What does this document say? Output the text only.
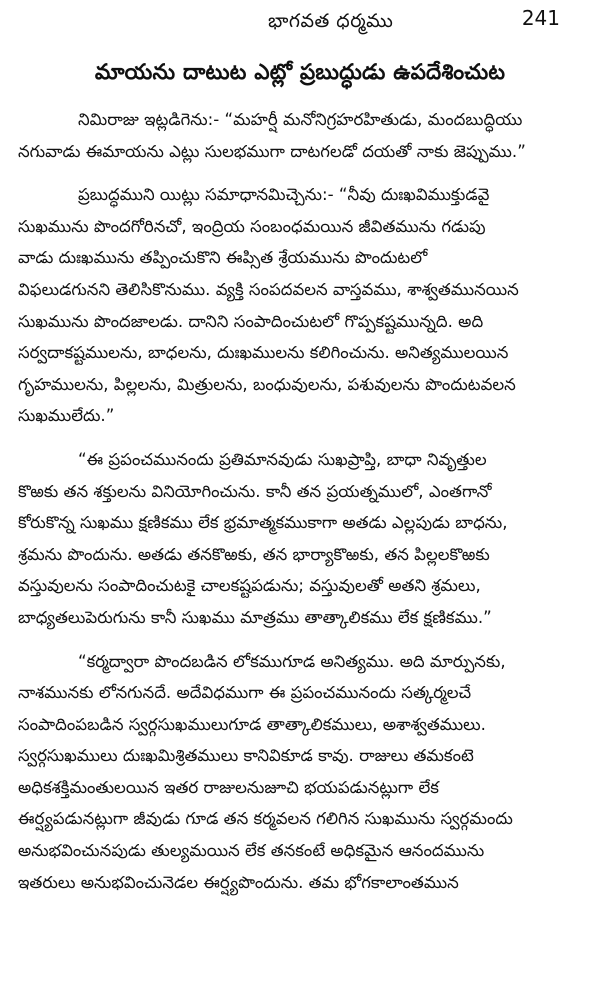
భాగవత ధర్మము	241
మాయను దాటుట ఎట్లో ప్రబుద్ధుడు ఉపదేశించుట
నిమిరాజు ఇట్లడిగెను:- “మహర్షీ మనోనిగ్రహరహితుడు, మందబుద్ధియు
నగువాడు ఈమాయను ఎట్లు సులభముగా దాటగలడో దయతో నాకు జెప్పుము.”
ప్రబుద్ధముని యిట్లు సమాధానమిచ్చెను:- “నీవు దుఃఖవిముక్తుడవై
సుఖమును పొందగోరినచో, ఇంద్రియ సంబంధమయిన జీవితమును గడుపు
వాడు దుఃఖమును తప్పించుకొని ఈప్సిత శ్రేయమును పొందుటలో
విఫలుడగునని తెలిసికొనుము. వ్యక్తి సంపదవలన వాస్తవము, శాశ్వతమునయిన
సుఖమును పొందజాలడు. దానిని సంపాదించుటలో గొప్పకష్టమున్నది. అది
సర్వదాకష్టములను, బాధలను, దుఃఖములను కలిగించును. అనిత్యములయిన
గృహములను, పిల్లలను, మిత్రులను, బంధువులను, పశువులను పొందుటవలన
సుఖములేదు.”
“ఈ ప్రపంచమునందు ప్రతిమానవుడు సుఖప్రాప్తి, బాధా నివృత్తుల
కొఱకు తన శక్తులను వినియోగించును. కానీ తన ప్రయత్నములో, ఎంతగానో
కోరుకొన్న సుఖము క్షణికము లేక భ్రమాత్మకముకాగా అతడు ఎల్లపుడు బాధను,
శ్రమను పొందును. అతడు తనకొఱకు, తన భార్యాకొఱకు, తన పిల్లలకొఱకు
వస్తువులను సంపాదించుటకై చాలకష్టపడును; వస్తువులతో అతని శ్రమలు,
బాధ్యతలుపెరుగును కానీ సుఖము మాత్రము తాత్కాలికము లేక క్షణికము.”
“కర్మద్వారా పొందబడిన లోకముగూడ అనిత్యము. అది మార్పునకు,
నాశమునకు లోనగునదే. అదేవిధముగా ఈ ప్రపంచమునందు సత్కర్మలచే
సంపాదింపబడిన స్వర్గసుఖములుగూడ తాత్కాలికములు, అశాశ్వతములు.
స్వర్గసుఖములు దుఃఖమిశ్రితములు కానివికూడ కావు. రాజులు తమకంటె
అధికశక్తిమంతులయిన ఇతర రాజులనుజూచి భయపడునట్లుగా లేక
ఈర్ష్యపడునట్లుగా జీవుడు గూడ తన కర్మవలన గలిగిన సుఖమును స్వర్గమందు
అనుభవించునపుడు తుల్యమయిన లేక తనకంటే అధికమైన ఆనందమును
ఇతరులు అనుభవించునెడల ఈర్ష్యపొందును. తమ భోగకాలాంతమున
